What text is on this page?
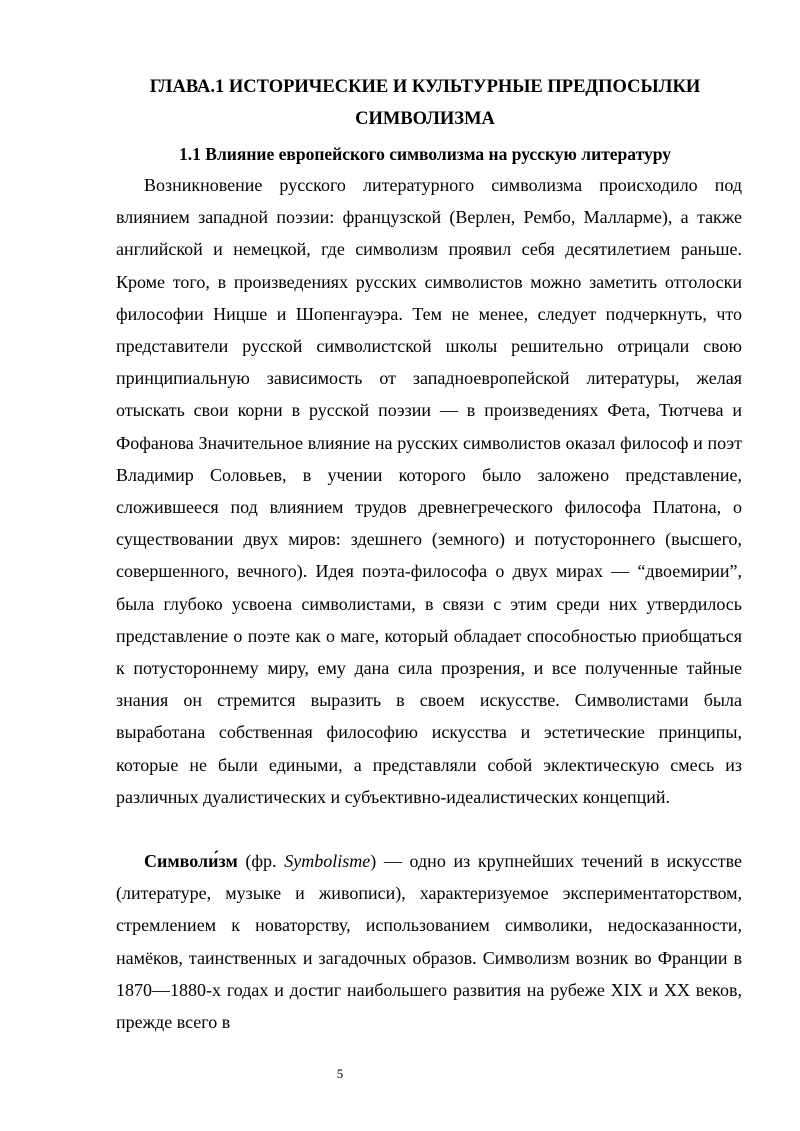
ГЛАВА.1 ИСТОРИЧЕСКИЕ И КУЛЬТУРНЫЕ ПРЕДПОСЫЛКИ
СИМВОЛИЗМА
1.1 Влияние европейского символизма на русскую литературу

Возникновение русского литературного символизма происходило под влиянием западной поэзии: французской (Верлен, Рембо, Малларме), а также английской и немецкой, где символизм проявил себя десятилетием раньше. Кроме того, в произведениях русских символистов можно заметить отголоски философии Ницше и Шопенгауэра. Тем не менее, следует подчеркнуть, что представители русской символистской школы решительно отрицали свою принципиальную зависимость от западноевропейской литературы, желая отыскать свои корни в русской поэзии — в произведениях Фета, Тютчева и Фофанова Значительное влияние на русских символистов оказал философ и поэт Владимир Соловьев, в учении которого было заложено представление, сложившееся под влиянием трудов древнегреческого философа Платона, о существовании двух миров: здешнего (земного) и потустороннего (высшего, совершенного, вечного). Идея поэта-философа о двух мирах — “двоемирии”, была глубоко усвоена символистами, в связи с этим среди них утвердилось представление о поэте как о маге, который обладает способностью приобщаться к потустороннему миру, ему дана сила прозрения, и все полученные тайные знания он стремится выразить в своем искусстве. Символистами была выработана собственная философию искусства и эстетические принципы, которые не были едиными, а представляли собой эклектическую смесь из различных дуалистических и субъективно-идеалистических концепций.

Символи́зм (фр. Symbolisme) — одно из крупнейших течений в искусстве (литературе, музыке и живописи), характеризуемое экспериментаторством, стремлением к новаторству, использованием символики, недосказанности, намёков, таинственных и загадочных образов. Символизм возник во Франции в 1870—1880-х годах и достиг наибольшего развития на рубеже XIX и XX веков, прежде всего в

5
